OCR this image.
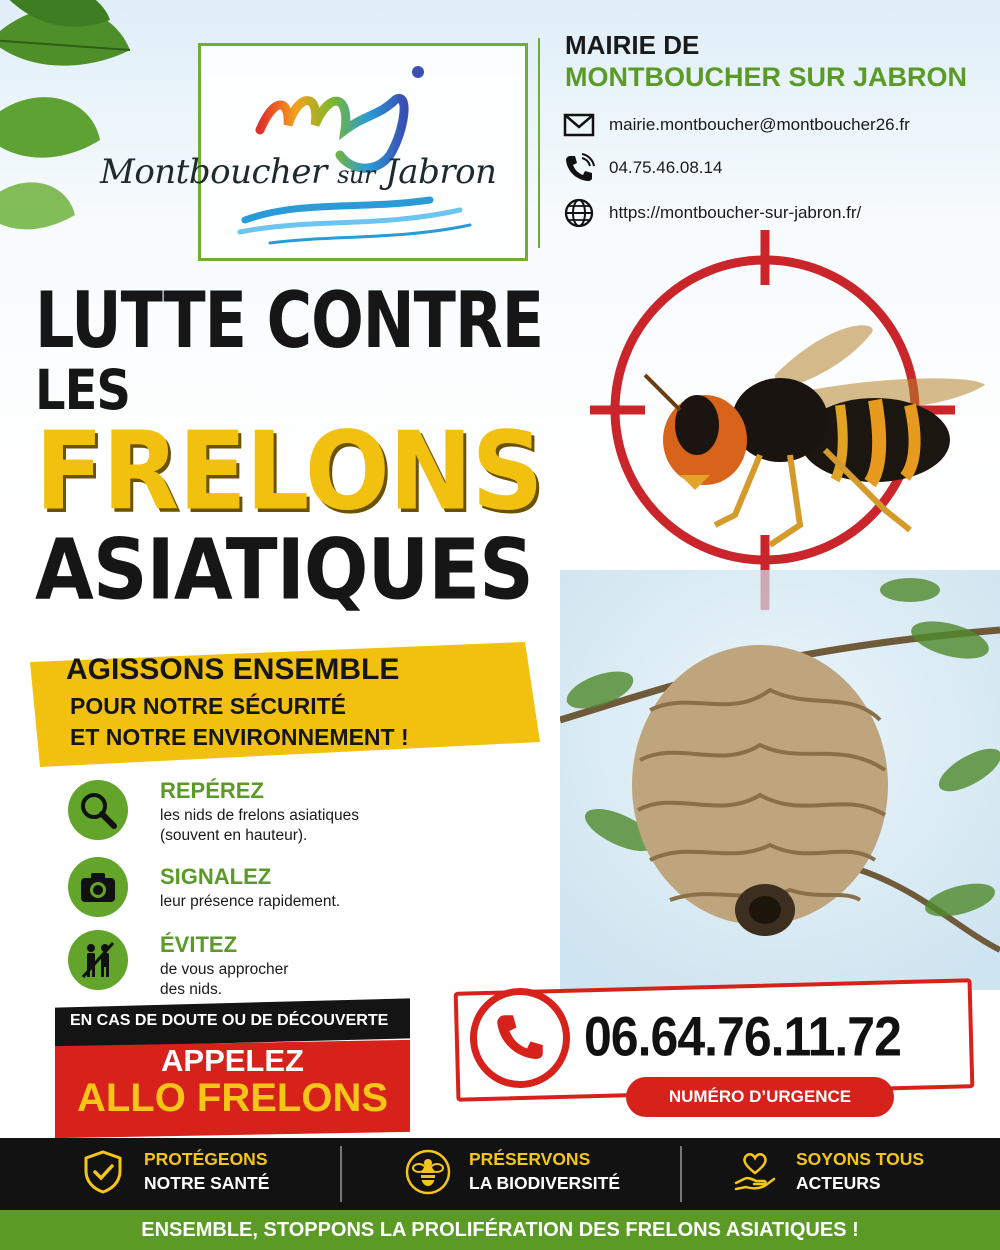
Montboucher sur Jabron
MAIRIE DE
MONTBOUCHER SUR JABRON
mairie.montboucher@montboucher26.fr
04.75.46.08.14
https://montboucher-sur-jabron.fr/
LUTTE CONTRE
LES
FRELONS
ASIATIQUES
AGISSONS ENSEMBLE
POUR NOTRE SÉCURITÉ
ET NOTRE ENVIRONNEMENT !
REPÉREZ
les nids de frelons asiatiques
(souvent en hauteur).
SIGNALEZ
leur présence rapidement.
ÉVITEZ
de vous approcher
des nids.
EN CAS DE DOUTE OU DE DÉCOUVERTE
APPELEZ
ALLO FRELONS
06.64.76.11.72
NUMÉRO D’URGENCE
PROTÉGEONS
NOTRE SANTÉ
PRÉSERVONS
LA BIODIVERSITÉ
SOYONS TOUS
ACTEURS
ENSEMBLE, STOPPONS LA PROLIFÉRATION DES FRELONS ASIATIQUES !
